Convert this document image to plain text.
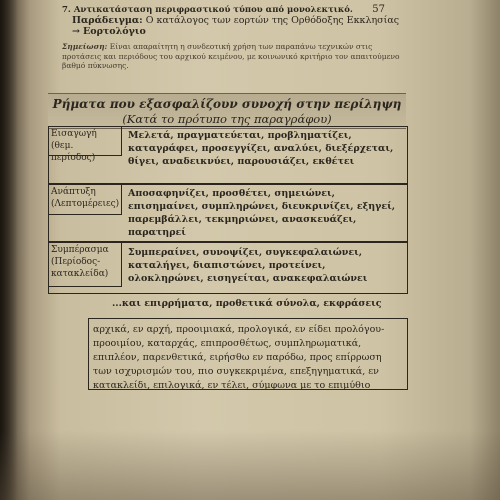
57
7. Αντικατάσταση περιφραστικού τύπου από μονολεκτικό.
Παράδειγμα: Ο κατάλογος των εορτών της Ορθόδοξης Εκκλησίας → Εορτολόγιο
Σημείωση: Είναι απαραίτητη η συνδεοτική χρήση των παραπάνω τεχνικών στις προτάσεις και περιόδους του αρχικού κειμένου, με κοινωνικό κριτήριο τον απαιτούμενο βαθμό πύκνωσης.
Ρήματα που εξασφαλίζουν συνοχή στην περίληψη
(Κατά το πρότυπο της παραγράφου)
Εισαγωγή
(θεμ. περίοδος)
Μελετά, πραγματεύεται, προβληματίζει, καταγράφει, προσεγγίζει, αναλύει, διεξέρχεται, θίγει, αναδεικνύει, παρουσιάζει, εκθέτει
Ανάπτυξη
(Λεπτομέρειες)
Αποσαφηνίζει, προσθέτει, σημειώνει, επισημαίνει, συμπληρώνει, διευκρινίζει, εξηγεί, παρεμβάλλει, τεκμηριώνει, ανασκευάζει, παρατηρεί
Συμπέρασμα
(Περίοδος-
κατακλείδα)
Συμπεραίνει, συνοψίζει, συγκεφαλαιώνει, καταλήγει, διαπιστώνει, προτείνει, ολοκληρώνει, εισηγείται, ανακεφαλαιώνει
...και επιρρήματα, προθετικά σύνολα, εκφράσεις
αρχικά, εν αρχή, προοιμιακά, προλογικά, εν είδει προλόγου-προοιμίου, καταρχάς, επιπροσθέτως, συμπληρωματικά, επιπλέον, παρενθετικά, ειρήσθω εν παρόδω, προς επίρρωση των ισχυρισμών του, πιο συγκεκριμένα, επεξηγηματικά, εν κατακλείδι, επιλογικά, εν τέλει, σύμφωνα με το επιμύθιο
